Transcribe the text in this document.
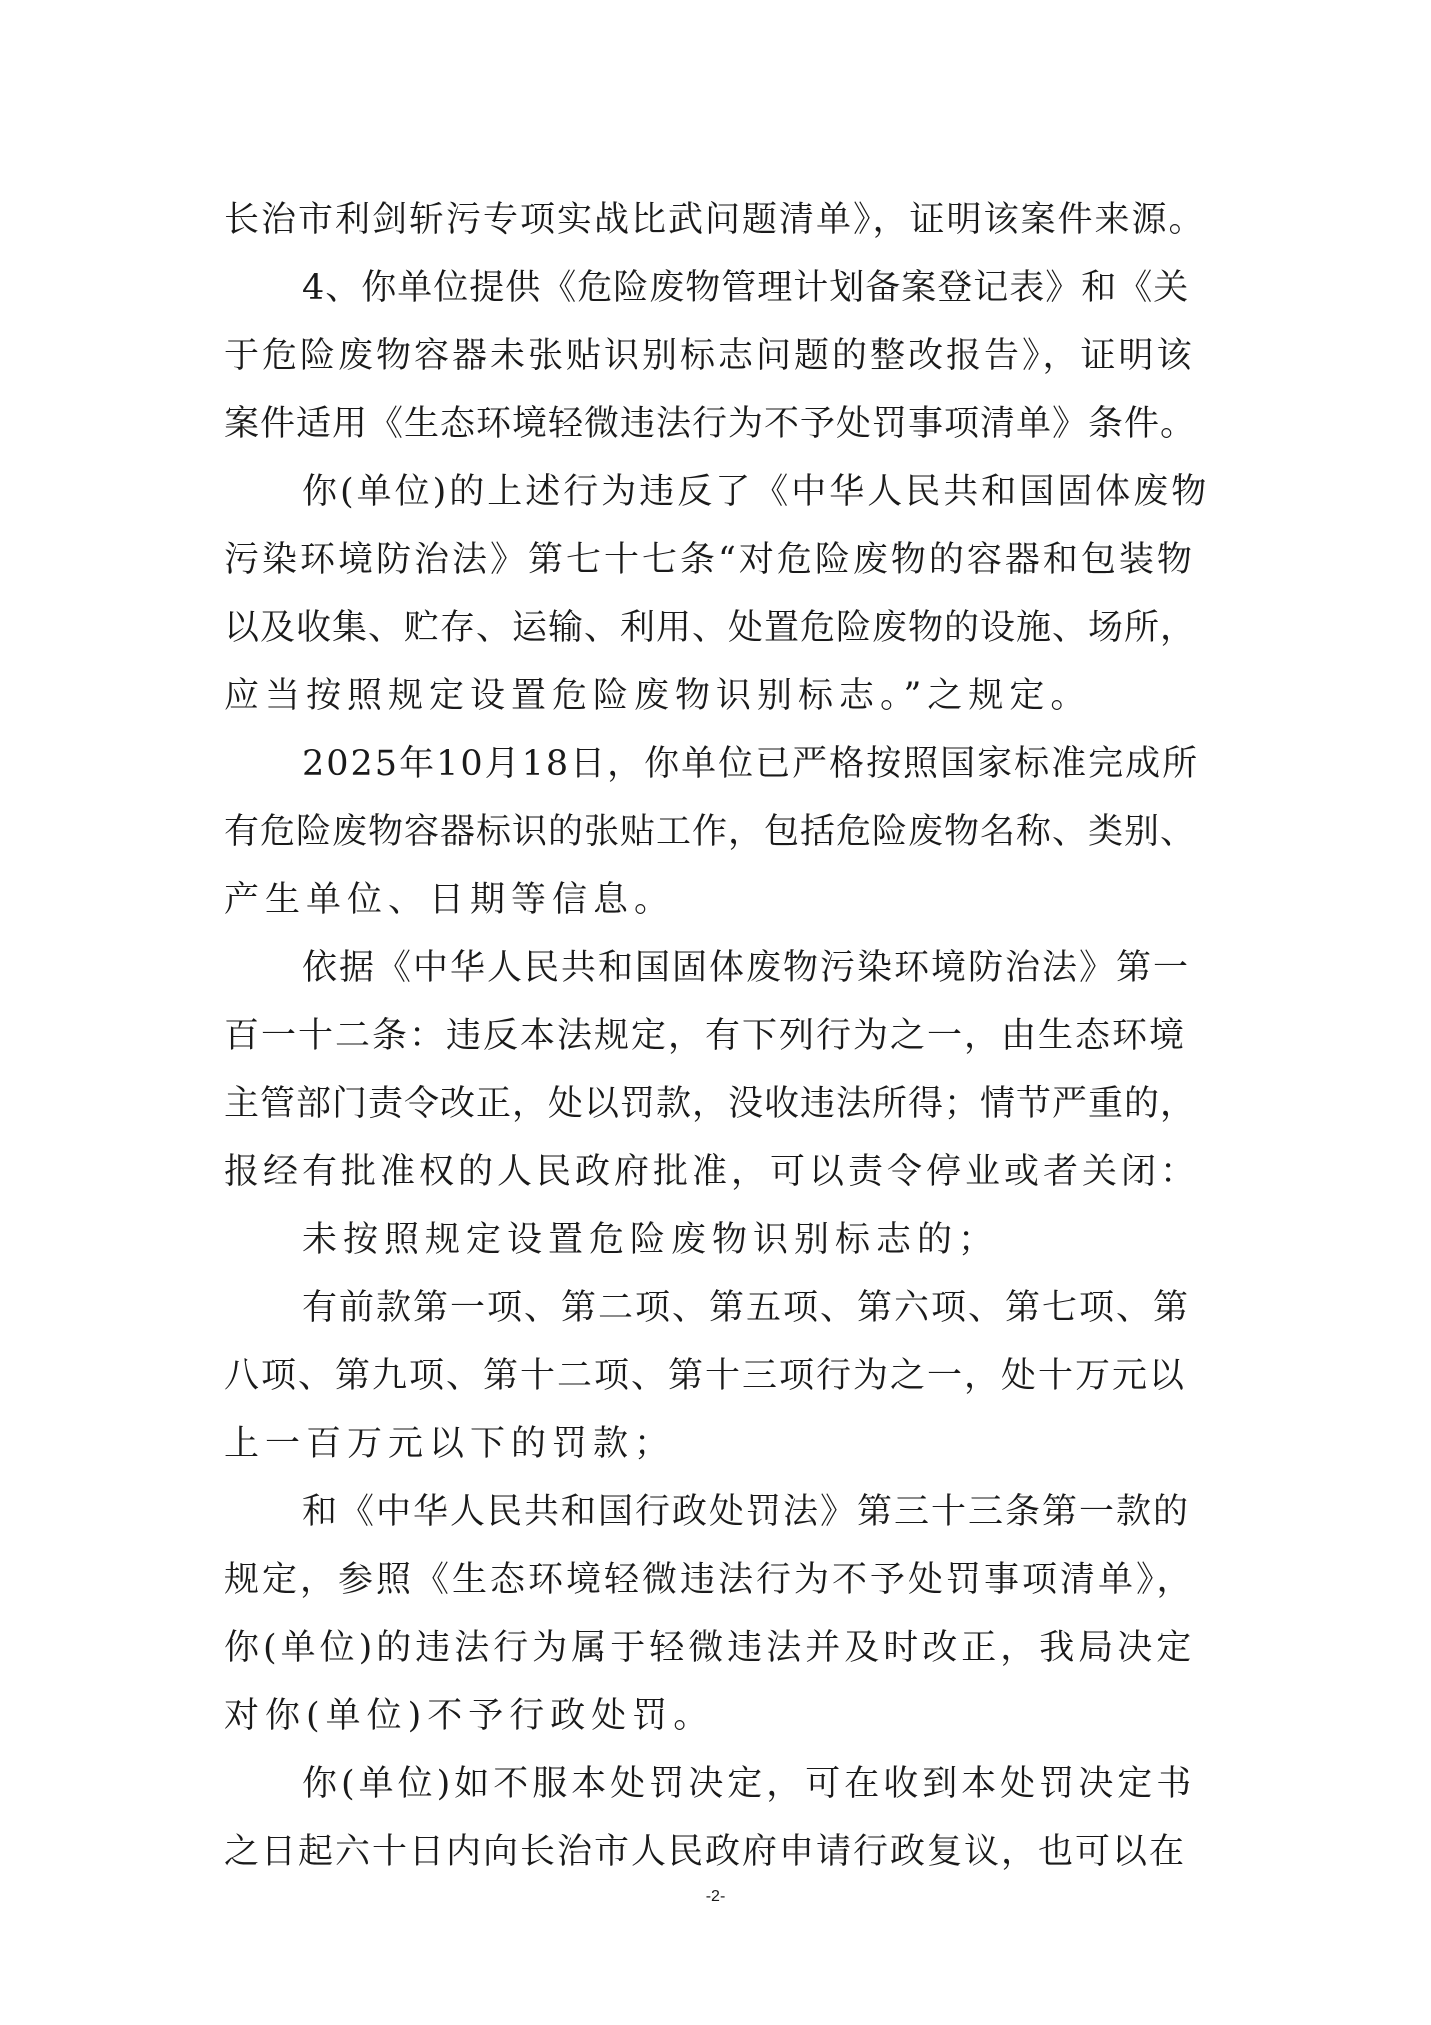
长治市利剑斩污专项实战比武问题清单》，证明该案件来源。
4、你单位提供《危险废物管理计划备案登记表》和《关
于危险废物容器未张贴识别标志问题的整改报告》，证明该
案件适用《生态环境轻微违法行为不予处罚事项清单》条件。
你(单位)的上述行为违反了《中华人民共和国固体废物
污染环境防治法》第七十七条“对危险废物的容器和包装物
以及收集、贮存、运输、利用、处置危险废物的设施、场所，
应当按照规定设置危险废物识别标志。”之规定。
2025年10月18日，你单位已严格按照国家标准完成所
有危险废物容器标识的张贴工作，包括危险废物名称、类别、
产生单位、日期等信息。
依据《中华人民共和国固体废物污染环境防治法》第一
百一十二条：违反本法规定，有下列行为之一，由生态环境
主管部门责令改正，处以罚款，没收违法所得；情节严重的，
报经有批准权的人民政府批准，可以责令停业或者关闭：
未按照规定设置危险废物识别标志的；
有前款第一项、第二项、第五项、第六项、第七项、第
八项、第九项、第十二项、第十三项行为之一，处十万元以
上一百万元以下的罚款；
和《中华人民共和国行政处罚法》第三十三条第一款的
规定，参照《生态环境轻微违法行为不予处罚事项清单》，
你(单位)的违法行为属于轻微违法并及时改正，我局决定
对你(单位)不予行政处罚。
你(单位)如不服本处罚决定，可在收到本处罚决定书
之日起六十日内向长治市人民政府申请行政复议，也可以在
-2-
